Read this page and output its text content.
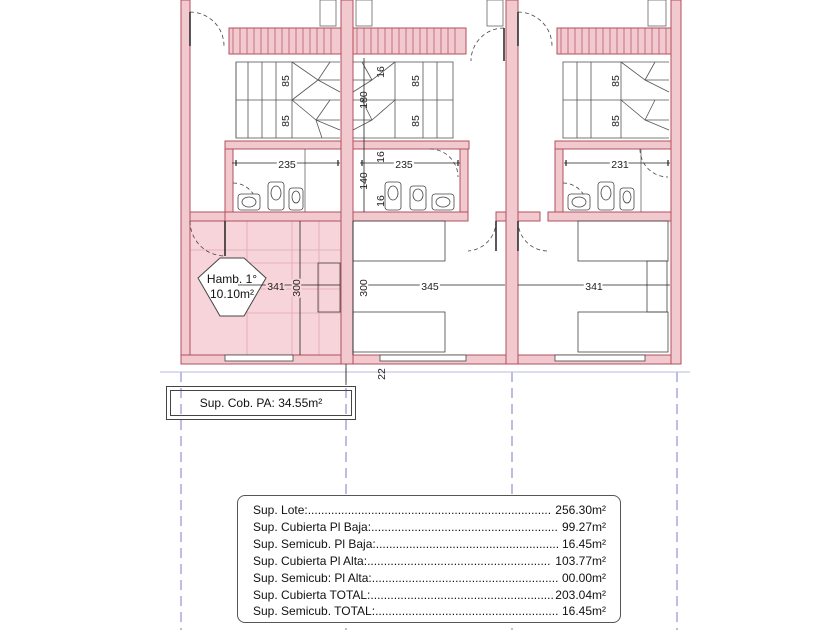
85
85
85
85
85
85
16
180
16
140
16
235	235	231
341 300	300	345	341
22
Hamb. 1°
10.10m²
Sup. Cob. PA: 34.55m²
Sup. Lote:......................................................................... 256.30m²
Sup. Cubierta Pl Baja:........................................................ 99.27m²
Sup. Semicub. Pl Baja:....................................................... 16.45m²
Sup. Cubierta Pl Alta:....................................................... 103.77m²
Sup. Semicub: Pl Alta:........................................................ 00.00m²
Sup. Cubierta TOTAL:....................................................... 203.04m²
Sup. Semicub. TOTAL:....................................................... 16.45m²
